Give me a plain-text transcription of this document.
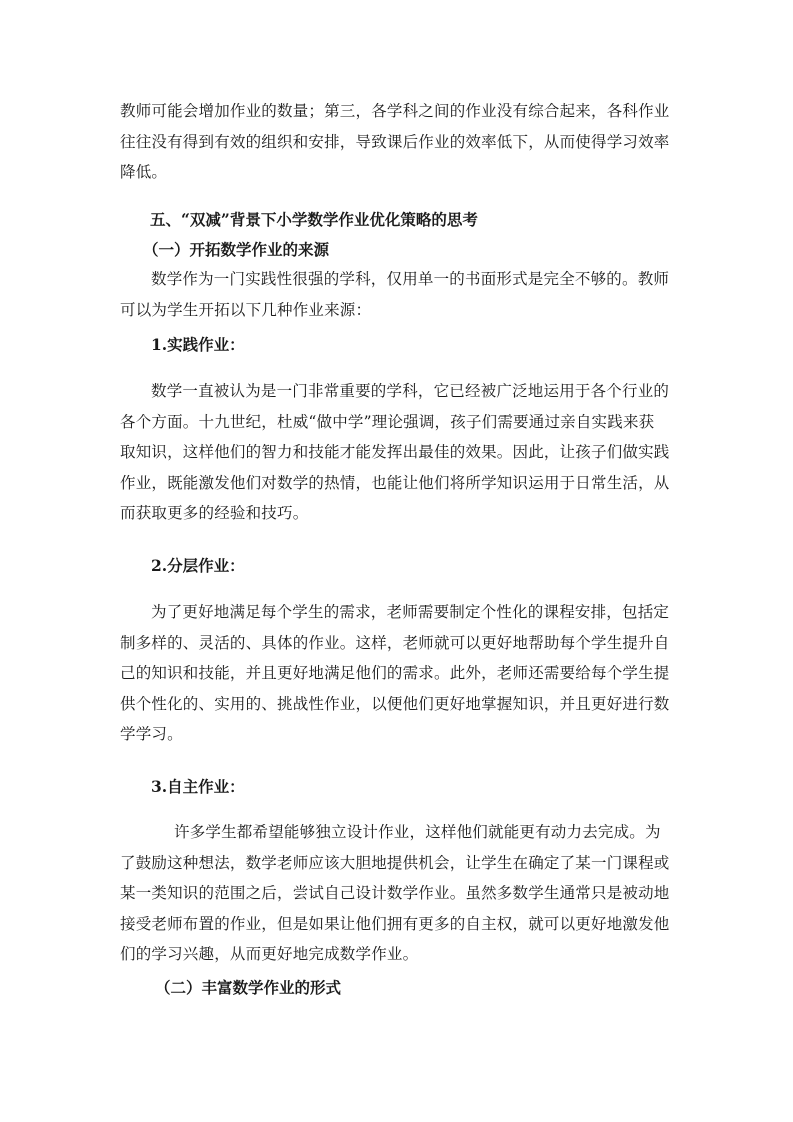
教师可能会增加作业的数量；第三，各学科之间的作业没有综合起来，各科作业
往往没有得到有效的组织和安排，导致课后作业的效率低下，从而使得学习效率
降低。
五、“双减”背景下小学数学作业优化策略的思考
（一）开拓数学作业的来源
数学作为一门实践性很强的学科，仅用单一的书面形式是完全不够的。教师
可以为学生开拓以下几种作业来源：
1.实践作业：
数学一直被认为是一门非常重要的学科，它已经被广泛地运用于各个行业的
各个方面。十九世纪，杜威“做中学”理论强调，孩子们需要通过亲自实践来获
取知识，这样他们的智力和技能才能发挥出最佳的效果。因此，让孩子们做实践
作业，既能激发他们对数学的热情，也能让他们将所学知识运用于日常生活，从
而获取更多的经验和技巧。
2.分层作业：
为了更好地满足每个学生的需求，老师需要制定个性化的课程安排，包括定
制多样的、灵活的、具体的作业。这样，老师就可以更好地帮助每个学生提升自
己的知识和技能，并且更好地满足他们的需求。此外，老师还需要给每个学生提
供个性化的、实用的、挑战性作业，以便他们更好地掌握知识，并且更好进行数
学学习。
3.自主作业：
许多学生都希望能够独立设计作业，这样他们就能更有动力去完成。为
了鼓励这种想法，数学老师应该大胆地提供机会，让学生在确定了某一门课程或
某一类知识的范围之后，尝试自己设计数学作业。虽然多数学生通常只是被动地
接受老师布置的作业，但是如果让他们拥有更多的自主权，就可以更好地激发他
们的学习兴趣，从而更好地完成数学作业。
（二）丰富数学作业的形式
